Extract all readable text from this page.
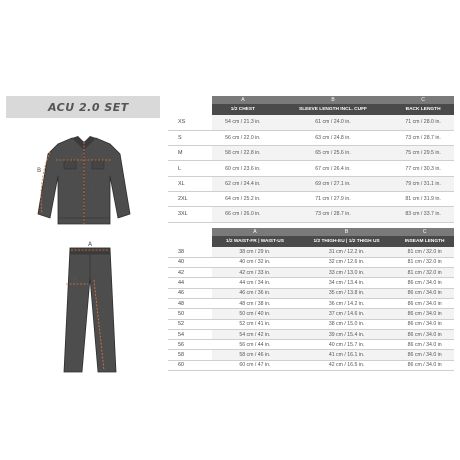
ACU 2.0 SET
A
B
C
A
B
C
	A	B	C
	1/2 CHEST	SLEEVE LENGTH INCL. CUFF	BACK LENGTH
XS	54 cm / 21.3 in.	61 cm / 24.0 in.	71 cm / 28.0 in.
S	56 cm / 22.0 in.	63 cm / 24.8 in.	73 cm / 28.7 in.
M	58 cm / 22.8 in.	65 cm / 25.6 in.	75 cm / 29.5 in.
L	60 cm / 23.6 in.	67 cm / 26.4 in.	77 cm / 30.3 in.
XL	62 cm / 24.4 in.	69 cm / 27.1 in.	79 cm / 31.1 in.
2XL	64 cm / 25.2 in.	71 cm / 27.9 in.	81 cm / 31.9 in.
3XL	66 cm / 26.0 in.	73 cm / 28.7 in.	83 cm / 33.7 in.
	A	B	C
	1/2 WAIST-FR | WAIST-US	1/2 THIGH-EU | 1/2 THIGH US	INSEAM LENGTH
38	38 cm / 29 in.	31 cm / 12.2 in.	81 cm / 32.0 in
40	40 cm / 32 in.	32 cm / 12.6 in.	81 cm / 32.0 in
42	42 cm / 33 in.	33 cm / 13.0 in.	81 cm / 32.0 in
44	44 cm / 34 in.	34 cm / 13.4 in.	86 cm / 34.0 in
46	46 cm / 36 in.	35 cm / 13.8 in.	86 cm / 34.0 in
48	48 cm / 38 in.	36 cm / 14.2 in.	86 cm / 34.0 in
50	50 cm / 40 in.	37 cm / 14.6 in.	86 cm / 34.0 in
52	52 cm / 41 in.	38 cm / 15.0 in.	86 cm / 34.0 in
54	54 cm / 42 in.	39 cm / 15.4 in.	86 cm / 34.0 in
56	56 cm / 44 in.	40 cm / 15.7 in.	86 cm / 34.0 in
58	58 cm / 46 in.	41 cm / 16.1 in.	86 cm / 34.0 in
60	60 cm / 47 in.	42 cm / 16.5 in.	86 cm / 34.0 in
